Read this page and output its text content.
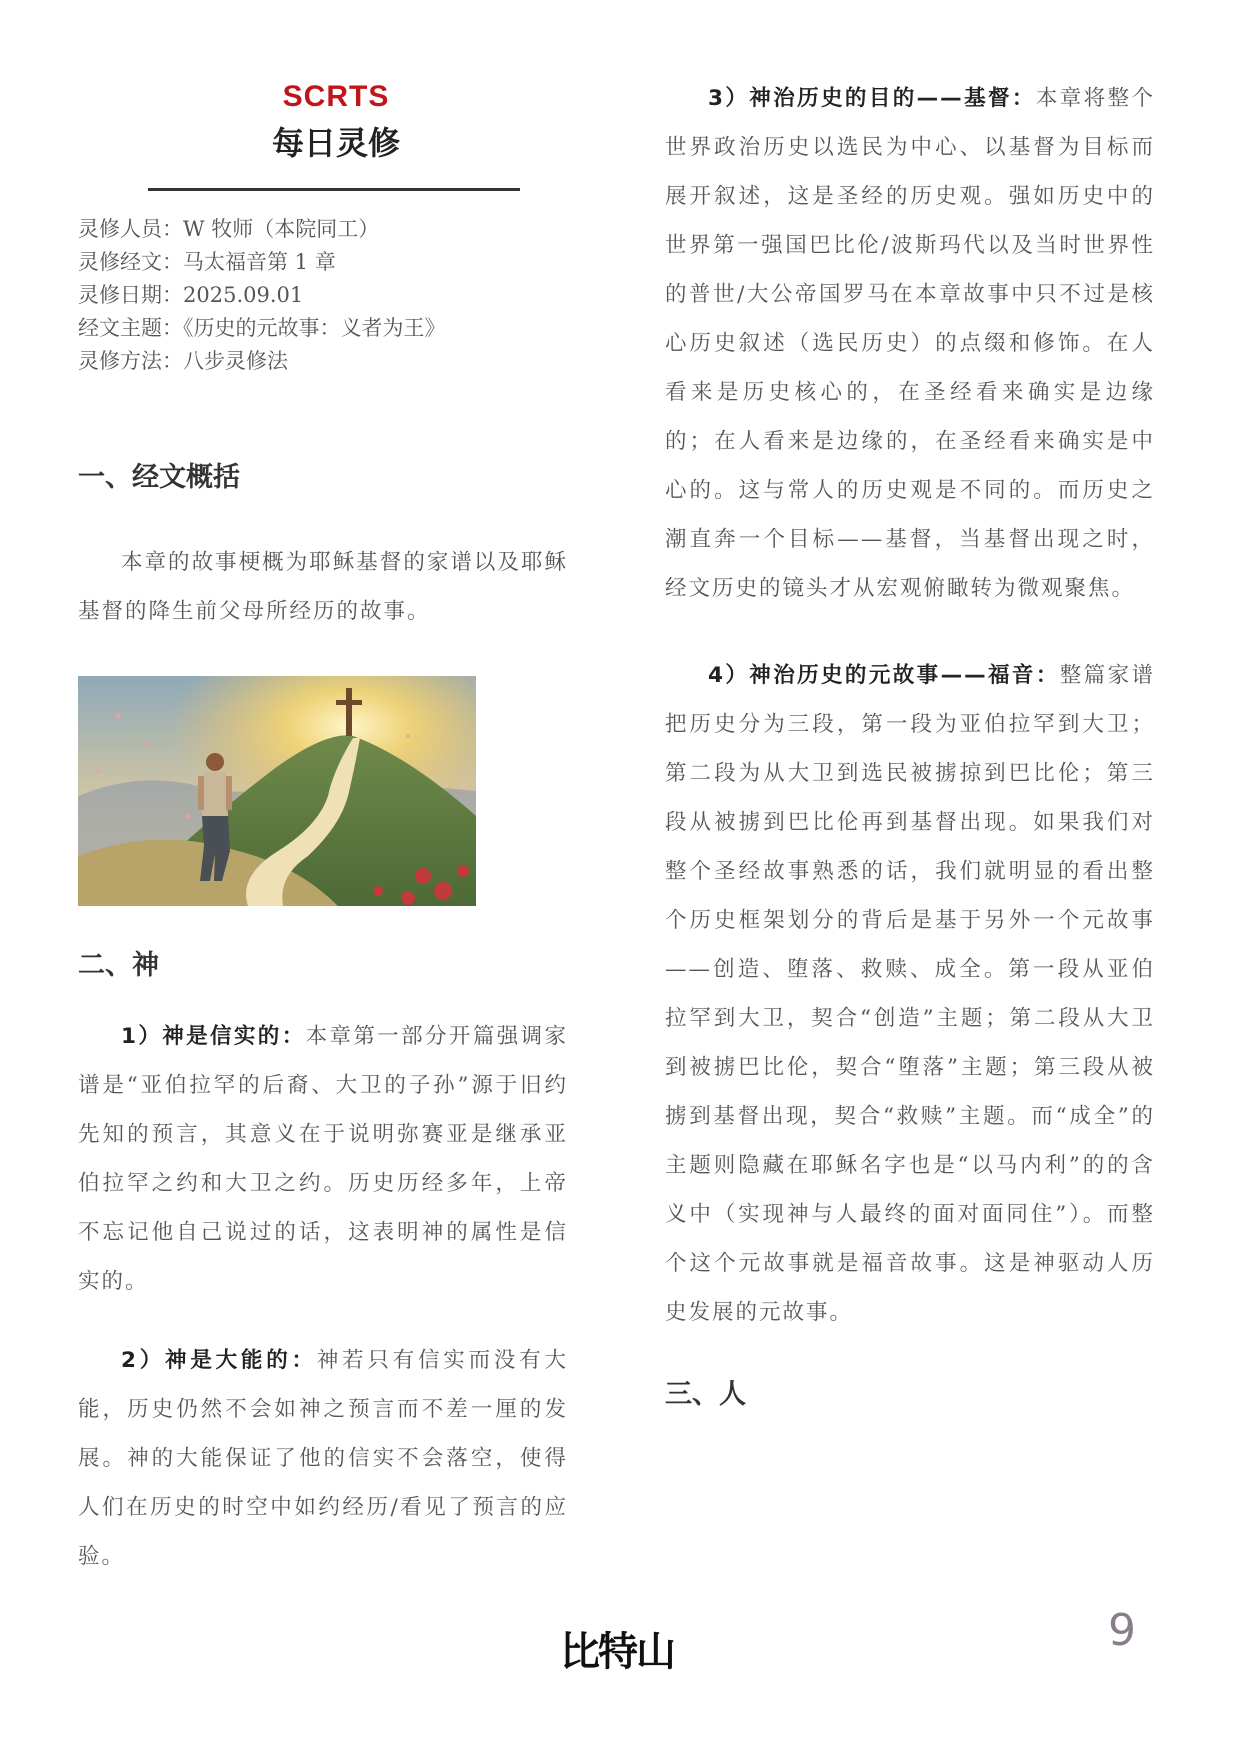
SCRTS
每日灵修
灵修人员：W 牧师（本院同工）
灵修经文：马太福音第 1 章
灵修日期：2025.09.01
经文主题：《历史的元故事：义者为王》
灵修方法：八步灵修法
一、经文概括
本章的故事梗概为耶稣基督的家谱以及耶稣基督的降生前父母所经历的故事。
二、神
1）神是信实的：本章第一部分开篇强调家谱是“亚伯拉罕的后裔、大卫的子孙”源于旧约先知的预言，其意义在于说明弥赛亚是继承亚伯拉罕之约和大卫之约。历史历经多年，上帝不忘记他自己说过的话，这表明神的属性是信实的。
2）神是大能的：神若只有信实而没有大能，历史仍然不会如神之预言而不差一厘的发展。神的大能保证了他的信实不会落空，使得人们在历史的时空中如约经历/看见了预言的应验。
3）神治历史的目的——基督：本章将整个世界政治历史以选民为中心、以基督为目标而展开叙述，这是圣经的历史观。强如历史中的世界第一强国巴比伦/波斯玛代以及当时世界性的普世/大公帝国罗马在本章故事中只不过是核心历史叙述（选民历史）的点缀和修饰。在人看来是历史核心的，在圣经看来确实是边缘的；在人看来是边缘的，在圣经看来确实是中心的。这与常人的历史观是不同的。而历史之潮直奔一个目标——基督，当基督出现之时，经文历史的镜头才从宏观俯瞰转为微观聚焦。
4）神治历史的元故事——福音：整篇家谱把历史分为三段，第一段为亚伯拉罕到大卫；第二段为从大卫到选民被掳掠到巴比伦；第三段从被掳到巴比伦再到基督出现。如果我们对整个圣经故事熟悉的话，我们就明显的看出整个历史框架划分的背后是基于另外一个元故事——创造、堕落、救赎、成全。第一段从亚伯拉罕到大卫，契合“创造”主题；第二段从大卫到被掳巴比伦，契合“堕落”主题；第三段从被掳到基督出现，契合“救赎”主题。而“成全”的主题则隐藏在耶稣名字也是“以马内利”的的含义中（实现神与人最终的面对面同住”）。而整个这个元故事就是福音故事。这是神驱动人历史发展的元故事。
三、人
比特山	9
